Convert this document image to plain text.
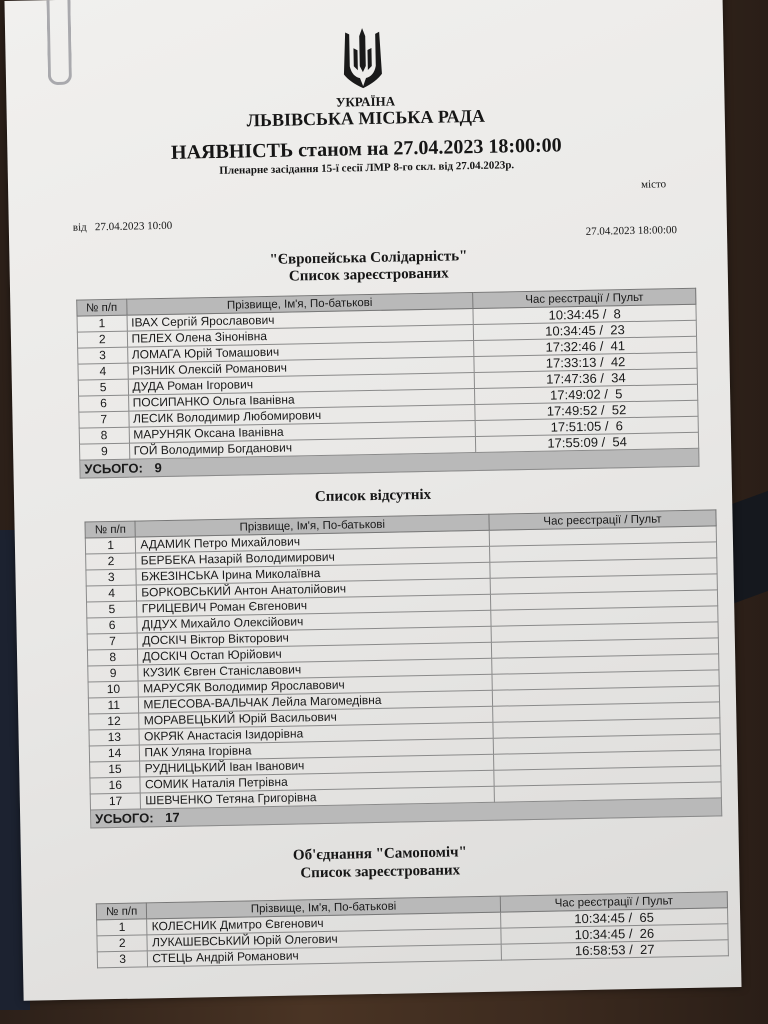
УКРАЇНА
ЛЬВІВСЬКА МІСЬКА РАДА
НАЯВНІСТЬ станом на 27.04.2023 18:00:00
Пленарне засідання 15-ї сесії ЛМР 8-го скл. від 27.04.2023р.
місто
від   27.04.2023 10:00	27.04.2023 18:00:00
"Європейська Солідарність"
Список зареєстрованих
№ п/п	Прізвище, Ім'я, По-батькові	Час реєстрації / Пульт
1	ІВАХ Сергій Ярославович	10:34:45 /  8
2	ПЕЛЕХ Олена Зінонівна	10:34:45 /  23
3	ЛОМАГА Юрій Томашович	17:32:46 /  41
4	РІЗНИК Олексій Романович	17:33:13 /  42
5	ДУДА Роман Ігорович	17:47:36 /  34
6	ПОСИПАНКО Ольга Іванівна	17:49:02 /  5
7	ЛЕСИК Володимир Любомирович	17:49:52 /  52
8	МАРУНЯК Оксана Іванівна	17:51:05 /  6
9	ГОЙ Володимир Богданович	17:55:09 /  54
УСЬОГО: 9		
Список відсутніх
№ п/п	Прізвище, Ім'я, По-батькові	Час реєстрації / Пульт
1	АДАМИК Петро Михайлович	
2	БЕРБЕКА Назарій Володимирович	
3	БЖЕЗІНСЬКА Ірина Миколаївна	
4	БОРКОВСЬКИЙ Антон Анатолійович	
5	ГРИЦЕВИЧ Роман Євгенович	
6	ДІДУХ Михайло Олексійович	
7	ДОСКІЧ Віктор Вікторович	
8	ДОСКІЧ Остап Юрійович	
9	КУЗИК Євген Станіславович	
10	МАРУСЯК Володимир Ярославович	
11	МЕЛЕСОВА-ВАЛЬЧАК Лейла Магомедівна	
12	МОРАВЕЦЬКИЙ Юрій Васильович	
13	ОКРЯК Анастасія Ізидорівна	
14	ПАК Уляна Ігорівна	
15	РУДНИЦЬКИЙ Іван Іванович	
16	СОМИК Наталія Петрівна	
17	ШЕВЧЕНКО Тетяна Григорівна	
УСЬОГО: 17		
Об'єднання "Самопоміч"
Список зареєстрованих
№ п/п	Прізвище, Ім'я, По-батькові	Час реєстрації / Пульт
1	КОЛЕСНИК Дмитро Євгенович	10:34:45 /  65
2	ЛУКАШЕВСЬКИЙ Юрій Олегович	10:34:45 /  26
3	СТЕЦЬ Андрій Романович	16:58:53 /  27
